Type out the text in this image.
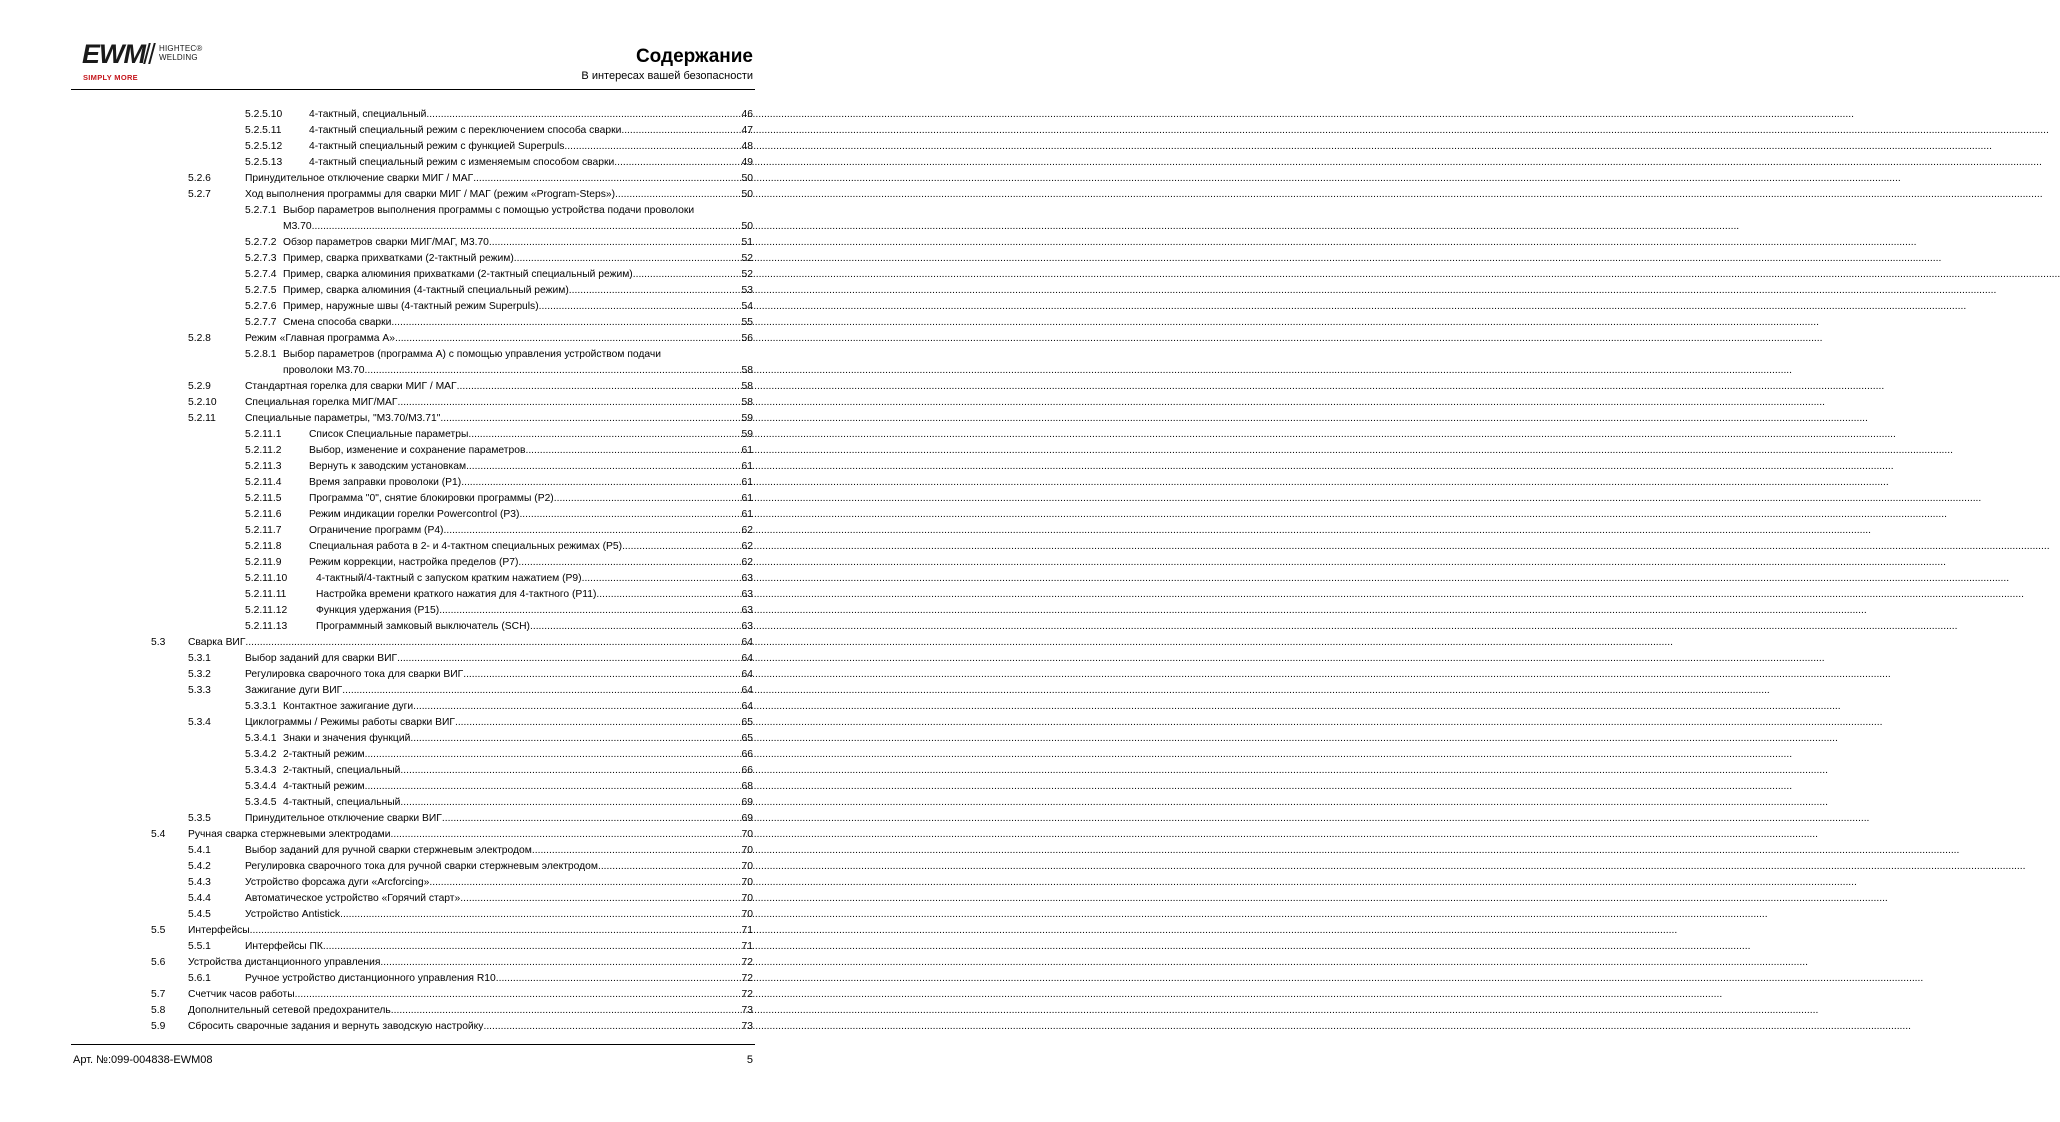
EWM HIGHTEC®
WELDING
SIMPLY MORE
Содержание
В интересах вашей безопасности
5.2.5.10	4-тактный, специальный .....	46
5.2.5.11	4-тактный специальный режим с переключением способа сварки .....	47
5.2.5.12	4-тактный специальный режим с функцией Superpuls .....	48
5.2.5.13	4-тактный специальный режим с изменяемым способом сварки .....	49
5.2.6	Принудительное отключение сварки МИГ / МАГ .....	50
5.2.7	Ход выполнения программы для сварки МИГ / МАГ (режим «Program-Steps») .....	50
5.2.7.1 Выбор параметров выполнения программы с помощью устройства подачи проволоки
M3.70 .....	50
5.2.7.2 Обзор параметров сварки МИГ/МАГ, M3.70 .....	51
5.2.7.3 Пример, сварка прихватками (2-тактный режим) .....	52
5.2.7.4 Пример, сварка алюминия прихватками (2-тактный специальный режим) .....	52
5.2.7.5 Пример, сварка алюминия (4-тактный специальный режим) .....	53
5.2.7.6 Пример, наружные швы (4-тактный режим Superpuls) .....	54
5.2.7.7 Смена способа сварки .....	55
5.2.8	Режим «Главная программа А» .....	56
5.2.8.1 Выбор параметров (программа А) с помощью управления устройством подачи
проволоки M3.70 .....	58
5.2.9	Стандартная горелка для сварки МИГ / МАГ .....	58
5.2.10	Специальная горелка МИГ/МАГ .....	58
5.2.11	Специальные параметры, "M3.70/M3.71" .....	59
5.2.11.1	Список Специальные параметры .....	59
5.2.11.2	Выбор, изменение и сохранение параметров .....	61
5.2.11.3	Вернуть к заводским установкам .....	61
5.2.11.4	Время заправки проволоки (P1) .....	61
5.2.11.5	Программа "0", снятие блокировки программы (P2) .....	61
5.2.11.6	Режим индикации горелки Powercontrol (P3) .....	61
5.2.11.7	Ограничение программ (P4) .....	62
5.2.11.8	Специальная работа в 2- и 4-тактном специальных режимах (P5) .....	62
5.2.11.9	Режим коррекции, настройка пределов (P7) .....	62
5.2.11.10	4-тактный/4-тактный с запуском кратким нажатием (P9) .....	63
5.2.11.11	Настройка времени краткого нажатия для 4-тактного (P11) .....	63
5.2.11.12	Функция удержания (P15) .....	63
5.2.11.13	Программный замковый выключатель (SCH) .....	63
5.3 Сварка ВИГ .....	64
5.3.1	Выбор заданий для сварки ВИГ .....	64
5.3.2	Регулировка сварочного тока для сварки ВИГ .....	64
5.3.3	Зажигание дуги ВИГ .....	64
5.3.3.1 Контактное зажигание дуги .....	64
5.3.4	Циклограммы / Режимы работы сварки ВИГ .....	65
5.3.4.1 Знаки и значения функций .....	65
5.3.4.2 2-тактный режим .....	66
5.3.4.3 2-тактный, специальный .....	66
5.3.4.4 4-тактный режим .....	68
5.3.4.5 4-тактный, специальный .....	69
5.3.5	Принудительное отключение сварки ВИГ .....	69
5.4 Ручная сварка стержневыми электродами .....	70
5.4.1	Выбор заданий для ручной сварки стержневым электродом .....	70
5.4.2	Регулировка сварочного тока для ручной сварки стержневым электродом .....	70
5.4.3	Устройство форсажа дуги «Arcforcing» .....	70
5.4.4	Автоматическое устройство «Горячий старт» .....	70
5.4.5	Устройство Antistick .....	70
5.5 Интерфейсы .....	71
5.5.1	Интерфейсы ПК .....	71
5.6 Устройства дистанционного управления .....	72
5.6.1	Ручное устройство дистанционного управления R10 .....	72
5.7 Счетчик часов работы .....	72
5.8 Дополнительный сетевой предохранитель .....	73
5.9 Сбросить сварочные задания и вернуть заводскую настройку .....	73
Арт. №:099-004838-EWM08	5
